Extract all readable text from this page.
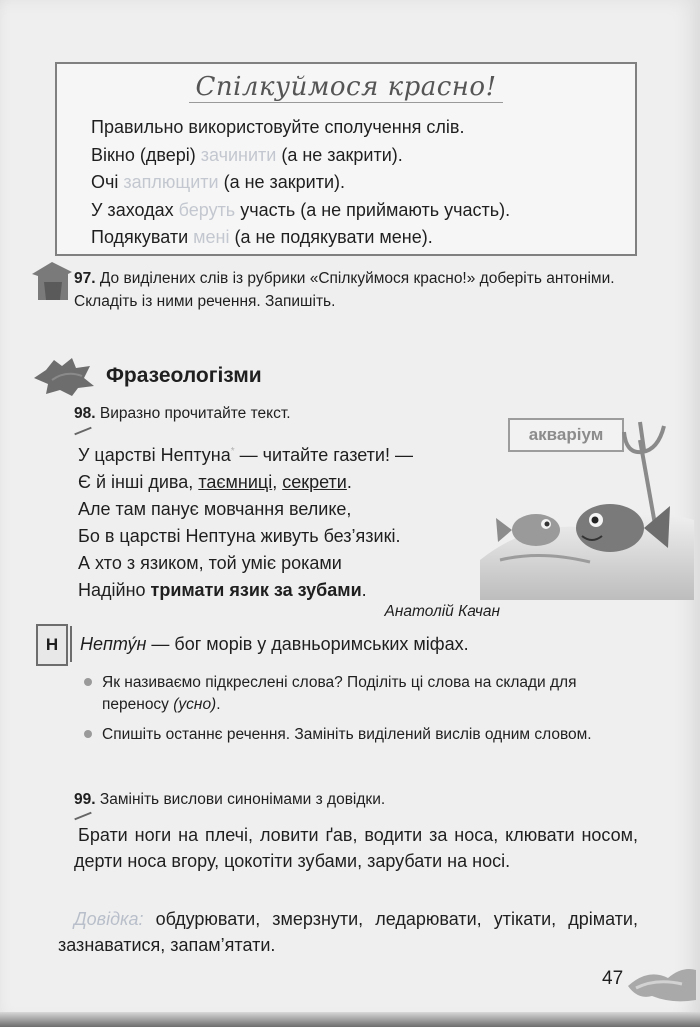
Спілкуймося красно!
Правильно використовуйте сполучення слів.
Вікно (двері) зачинити (а не закрити).
Очі заплющити (а не закрити).
У заходах беруть участь (а не приймають участь).
Подякувати мені (а не подякувати мене).
97. До виділених слів із рубрики «Спілкуймося красно!» доберіть антоніми. Складіть із ними речення. Запишіть.
Фразеологізми
98. Виразно прочитайте текст.
акваріум
У царстві Нептуна* — читайте газети! —
Є й інші дива, таємниці, секрети.
Але там панує мовчання велике,
Бо в царстві Нептуна живуть без’язикі.
А хто з язиком, той уміє роками
Надійно тримати язик за зубами.
Анатолій Качан
Н	Непту́н — бог морів у давньоримських міфах.
Як називаємо підкреслені слова? Поділіть ці слова на склади для переносу (усно).
Спишіть останнє речення. Замініть виділений вислів одним словом.
99. Замініть вислови синонімами з довідки.
Брати ноги на плечі, ловити ґав, водити за носа, клювати носом, дерти носа вгору, цокотіти зубами, зарубати на носі.
Довідка: обдурювати, змерзнути, ледарювати, утікати, дрімати, зазнаватися, запам’ятати.
47
